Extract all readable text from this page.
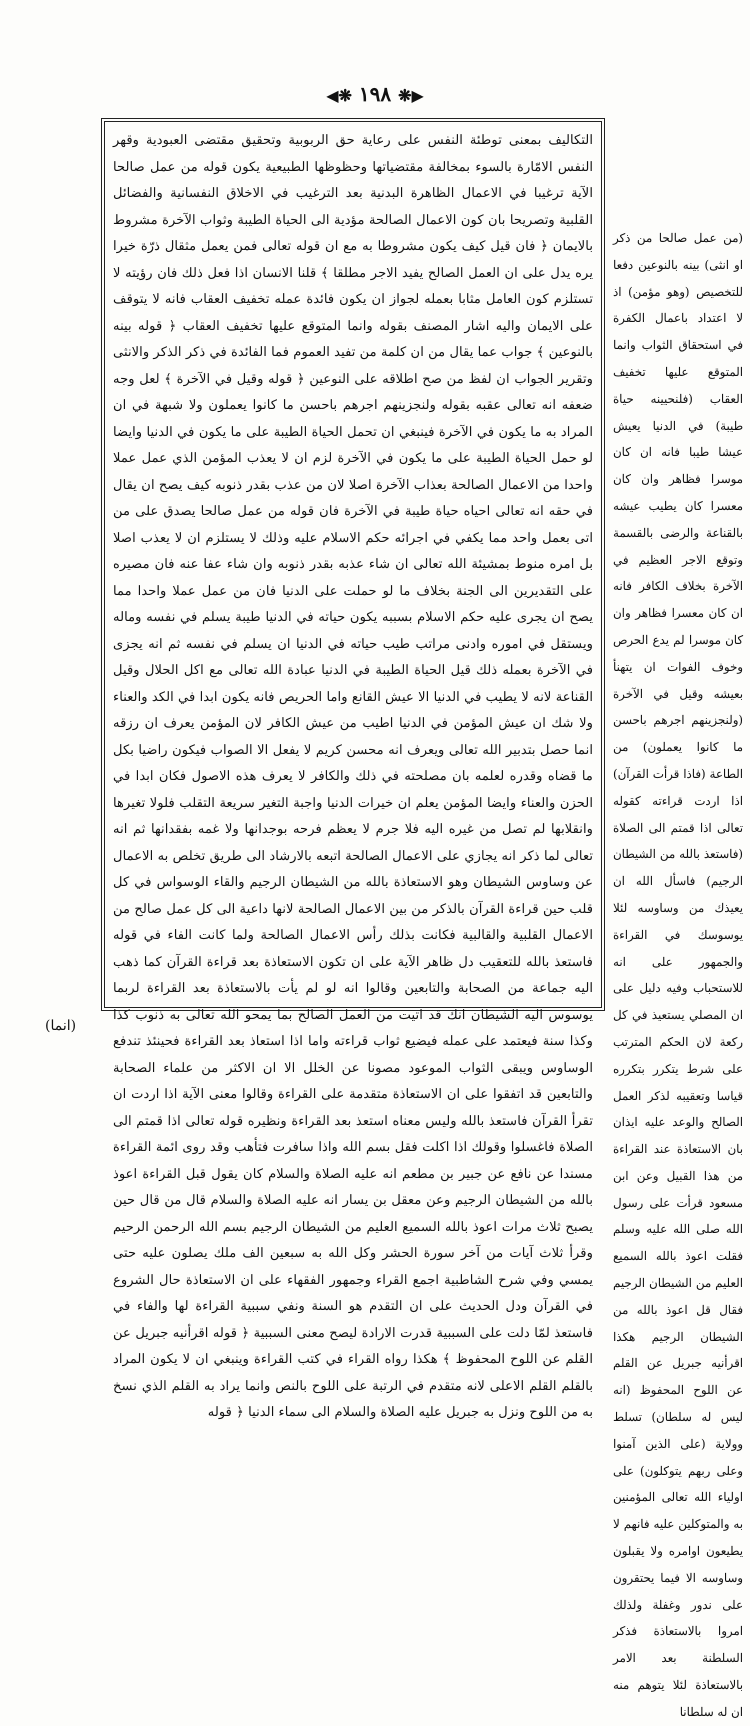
◀❋ ١٩٨ ❋▶

التكاليف بمعنى توطئة النفس على رعاية حق الربوبية وتحقيق مقتضى العبودية وقهر النفس الامّارة بالسوء بمخالفة مقتضياتها وحظوظها الطبيعية يكون قوله من عمل صالحا الآية ترغيبا في الاعمال الظاهرة البدنية بعد الترغيب في الاخلاق النفسانية والفضائل القلبية وتصريحا بان كون الاعمال الصالحة مؤدية الى الحياة الطيبة وثواب الآخرة مشروط بالايمان ﴿ فان قيل كيف يكون مشروطا به مع ان قوله تعالى فمن يعمل مثقال ذرّة خيرا يره يدل على ان العمل الصالح يفيد الاجر مطلقا ﴾ قلنا الانسان اذا فعل ذلك فان رؤيته لا تستلزم كون العامل مثابا بعمله لجواز ان يكون فائدة عمله تخفيف العقاب فانه لا يتوقف على الايمان واليه اشار المصنف بقوله وانما المتوقع عليها تخفيف العقاب ﴿ قوله بينه بالنوعين ﴾ جواب عما يقال من ان كلمة من تفيد العموم فما الفائدة في ذكر الذكر والانثى وتقرير الجواب ان لفظ من صح اطلاقه على النوعين ﴿ قوله وقيل في الآخرة ﴾ لعل وجه ضعفه انه تعالى عقبه بقوله ولنجزينهم اجرهم باحسن ما كانوا يعملون ولا شبهة في ان المراد به ما يكون في الآخرة فينبغي ان تحمل الحياة الطيبة على ما يكون في الدنيا وايضا لو حمل الحياة الطيبة على ما يكون في الآخرة لزم ان لا يعذب المؤمن الذي عمل عملا واحدا من الاعمال الصالحة بعذاب الآخرة اصلا لان من عذب بقدر ذنوبه كيف يصح ان يقال في حقه انه تعالى احياه حياة طيبة في الآخرة فان قوله من عمل صالحا يصدق على من اتى بعمل واحد مما يكفي في اجرائه حكم الاسلام عليه وذلك لا يستلزم ان لا يعذب اصلا بل امره منوط بمشيئة الله تعالى ان شاء عذبه بقدر ذنوبه وان شاء عفا عنه فان مصيره على التقديرين الى الجنة بخلاف ما لو حملت على الدنيا فان من عمل عملا واحدا مما يصح ان يجرى عليه حكم الاسلام بسببه يكون حياته في الدنيا طيبة يسلم في نفسه وماله ويستقل في اموره وادنى مراتب طيب حياته في الدنيا ان يسلم في نفسه ثم انه يجزى في الآخرة بعمله ذلك قيل الحياة الطيبة في الدنيا عبادة الله تعالى مع اكل الحلال وقيل القناعة لانه لا يطيب في الدنيا الا عيش القانع واما الحريص فانه يكون ابدا في الكد والعناء ولا شك ان عيش المؤمن في الدنيا اطيب من عيش الكافر لان المؤمن يعرف ان رزقه انما حصل بتدبير الله تعالى ويعرف انه محسن كريم لا يفعل الا الصواب فيكون راضيا بكل ما قضاه وقدره لعلمه بان مصلحته في ذلك والكافر لا يعرف هذه الاصول فكان ابدا في الحزن والعناء وايضا المؤمن يعلم ان خيرات الدنيا واجبة التغير سريعة التقلب فلولا تغيرها وانقلابها لم تصل من غيره اليه فلا جرم لا يعظم فرحه بوجدانها ولا غمه بفقدانها ثم انه تعالى لما ذكر انه يجازي على الاعمال الصالحة اتبعه بالارشاد الى طريق تخلص به الاعمال عن وساوس الشيطان وهو الاستعاذة بالله من الشيطان الرجيم والقاء الوسواس في كل قلب حين قراءة القرآن بالذكر من بين الاعمال الصالحة لانها داعية الى كل عمل صالح من الاعمال القلبية والقالبية فكانت بذلك رأس الاعمال الصالحة ولما كانت الفاء في قوله فاستعذ بالله للتعقيب دل ظاهر الآية على ان تكون الاستعاذة بعد قراءة القرآن كما ذهب اليه جماعة من الصحابة والتابعين وقالوا انه لو لم يأت بالاستعاذة بعد القراءة لربما يوسوس اليه الشيطان انك قد اتيت من العمل الصالح بما يمحو الله تعالى به ذنوب كذا وكذا سنة فيعتمد على عمله فيضيع ثواب قراءته واما اذا استعاذ بعد القراءة فحينئذ تندفع الوساوس ويبقى الثواب الموعود مصونا عن الخلل الا ان الاكثر من علماء الصحابة والتابعين قد اتفقوا على ان الاستعاذة متقدمة على القراءة وقالوا معنى الآية اذا اردت ان تقرأ القرآن فاستعذ بالله وليس معناه استعذ بعد القراءة ونظيره قوله تعالى اذا قمتم الى الصلاة فاغسلوا وقولك اذا اكلت فقل بسم الله واذا سافرت فتأهب وقد روى ائمة القراءة مسندا عن نافع عن جبير بن مطعم انه عليه الصلاة والسلام كان يقول قبل القراءة اعوذ بالله من الشيطان الرجيم وعن معقل بن يسار انه عليه الصلاة والسلام قال من قال حين يصبح ثلاث مرات اعوذ بالله السميع العليم من الشيطان الرجيم بسم الله الرحمن الرحيم وقرأ ثلاث آيات من آخر سورة الحشر وكل الله به سبعين الف ملك يصلون عليه حتى يمسي وفي شرح الشاطبية اجمع القراء وجمهور الفقهاء على ان الاستعاذة حال الشروع في القرآن ودل الحديث على ان التقدم هو السنة ونفي سببية القراءة لها والفاء في فاستعذ لمّا دلت على السببية قدرت الارادة ليصح معنى السببية ﴿ قوله اقرأنيه جبريل عن القلم عن اللوح المحفوظ ﴾ هكذا رواه القراء في كتب القراءة وينبغي ان لا يكون المراد بالقلم القلم الاعلى لانه متقدم في الرتبة على اللوح بالنص وانما يراد به القلم الذي نسخ به من اللوح ونزل به جبريل عليه الصلاة والسلام الى سماء الدنيا ﴿ قوله

(من عمل صالحا من ذكر او انثى) بينه بالنوعين دفعا للتخصيص (وهو مؤمن) اذ لا اعتداد باعمال الكفرة في استحقاق الثواب وانما المتوقع عليها تخفيف العقاب (فلنحيينه حياة طيبة) في الدنيا يعيش عيشا طيبا فانه ان كان موسرا فظاهر وان كان معسرا كان يطيب عيشه بالقناعة والرضى بالقسمة وتوقع الاجر العظيم في الآخرة بخلاف الكافر فانه ان كان معسرا فظاهر وان كان موسرا لم يدع الحرص وخوف الفوات ان يتهنأ بعيشه وقيل في الآخرة (ولنجزينهم اجرهم باحسن ما كانوا يعملون) من الطاعة (فاذا قرأت القرآن) اذا اردت قراءته كقوله تعالى اذا قمتم الى الصلاة (فاستعذ بالله من الشيطان الرجيم) فاسأل الله ان يعيذك من وساوسه لئلا يوسوسك في القراءة والجمهور على انه للاستحباب وفيه دليل على ان المصلي يستعيذ في كل ركعة لان الحكم المترتب على شرط يتكرر بتكرره قياسا وتعقيبه لذكر العمل الصالح والوعد عليه ايذان بان الاستعاذة عند القراءة من هذا القبيل وعن ابن مسعود قرأت على رسول الله صلى الله عليه وسلم فقلت اعوذ بالله السميع العليم من الشيطان الرجيم فقال قل اعوذ بالله من الشيطان الرجيم هكذا اقرأنيه جبريل عن القلم عن اللوح المحفوظ (انه ليس له سلطان) تسلط وولاية (على الذين آمنوا وعلى ربهم يتوكلون) على اولياء الله تعالى المؤمنين به والمتوكلين عليه فانهم لا يطيعون اوامره ولا يقبلون وساوسه الا فيما يحتقرون على ندور وغفلة ولذلك امروا بالاستعاذة فذكر السلطنة بعد الامر بالاستعاذة لئلا يتوهم منه ان له سلطانا

(انما)
